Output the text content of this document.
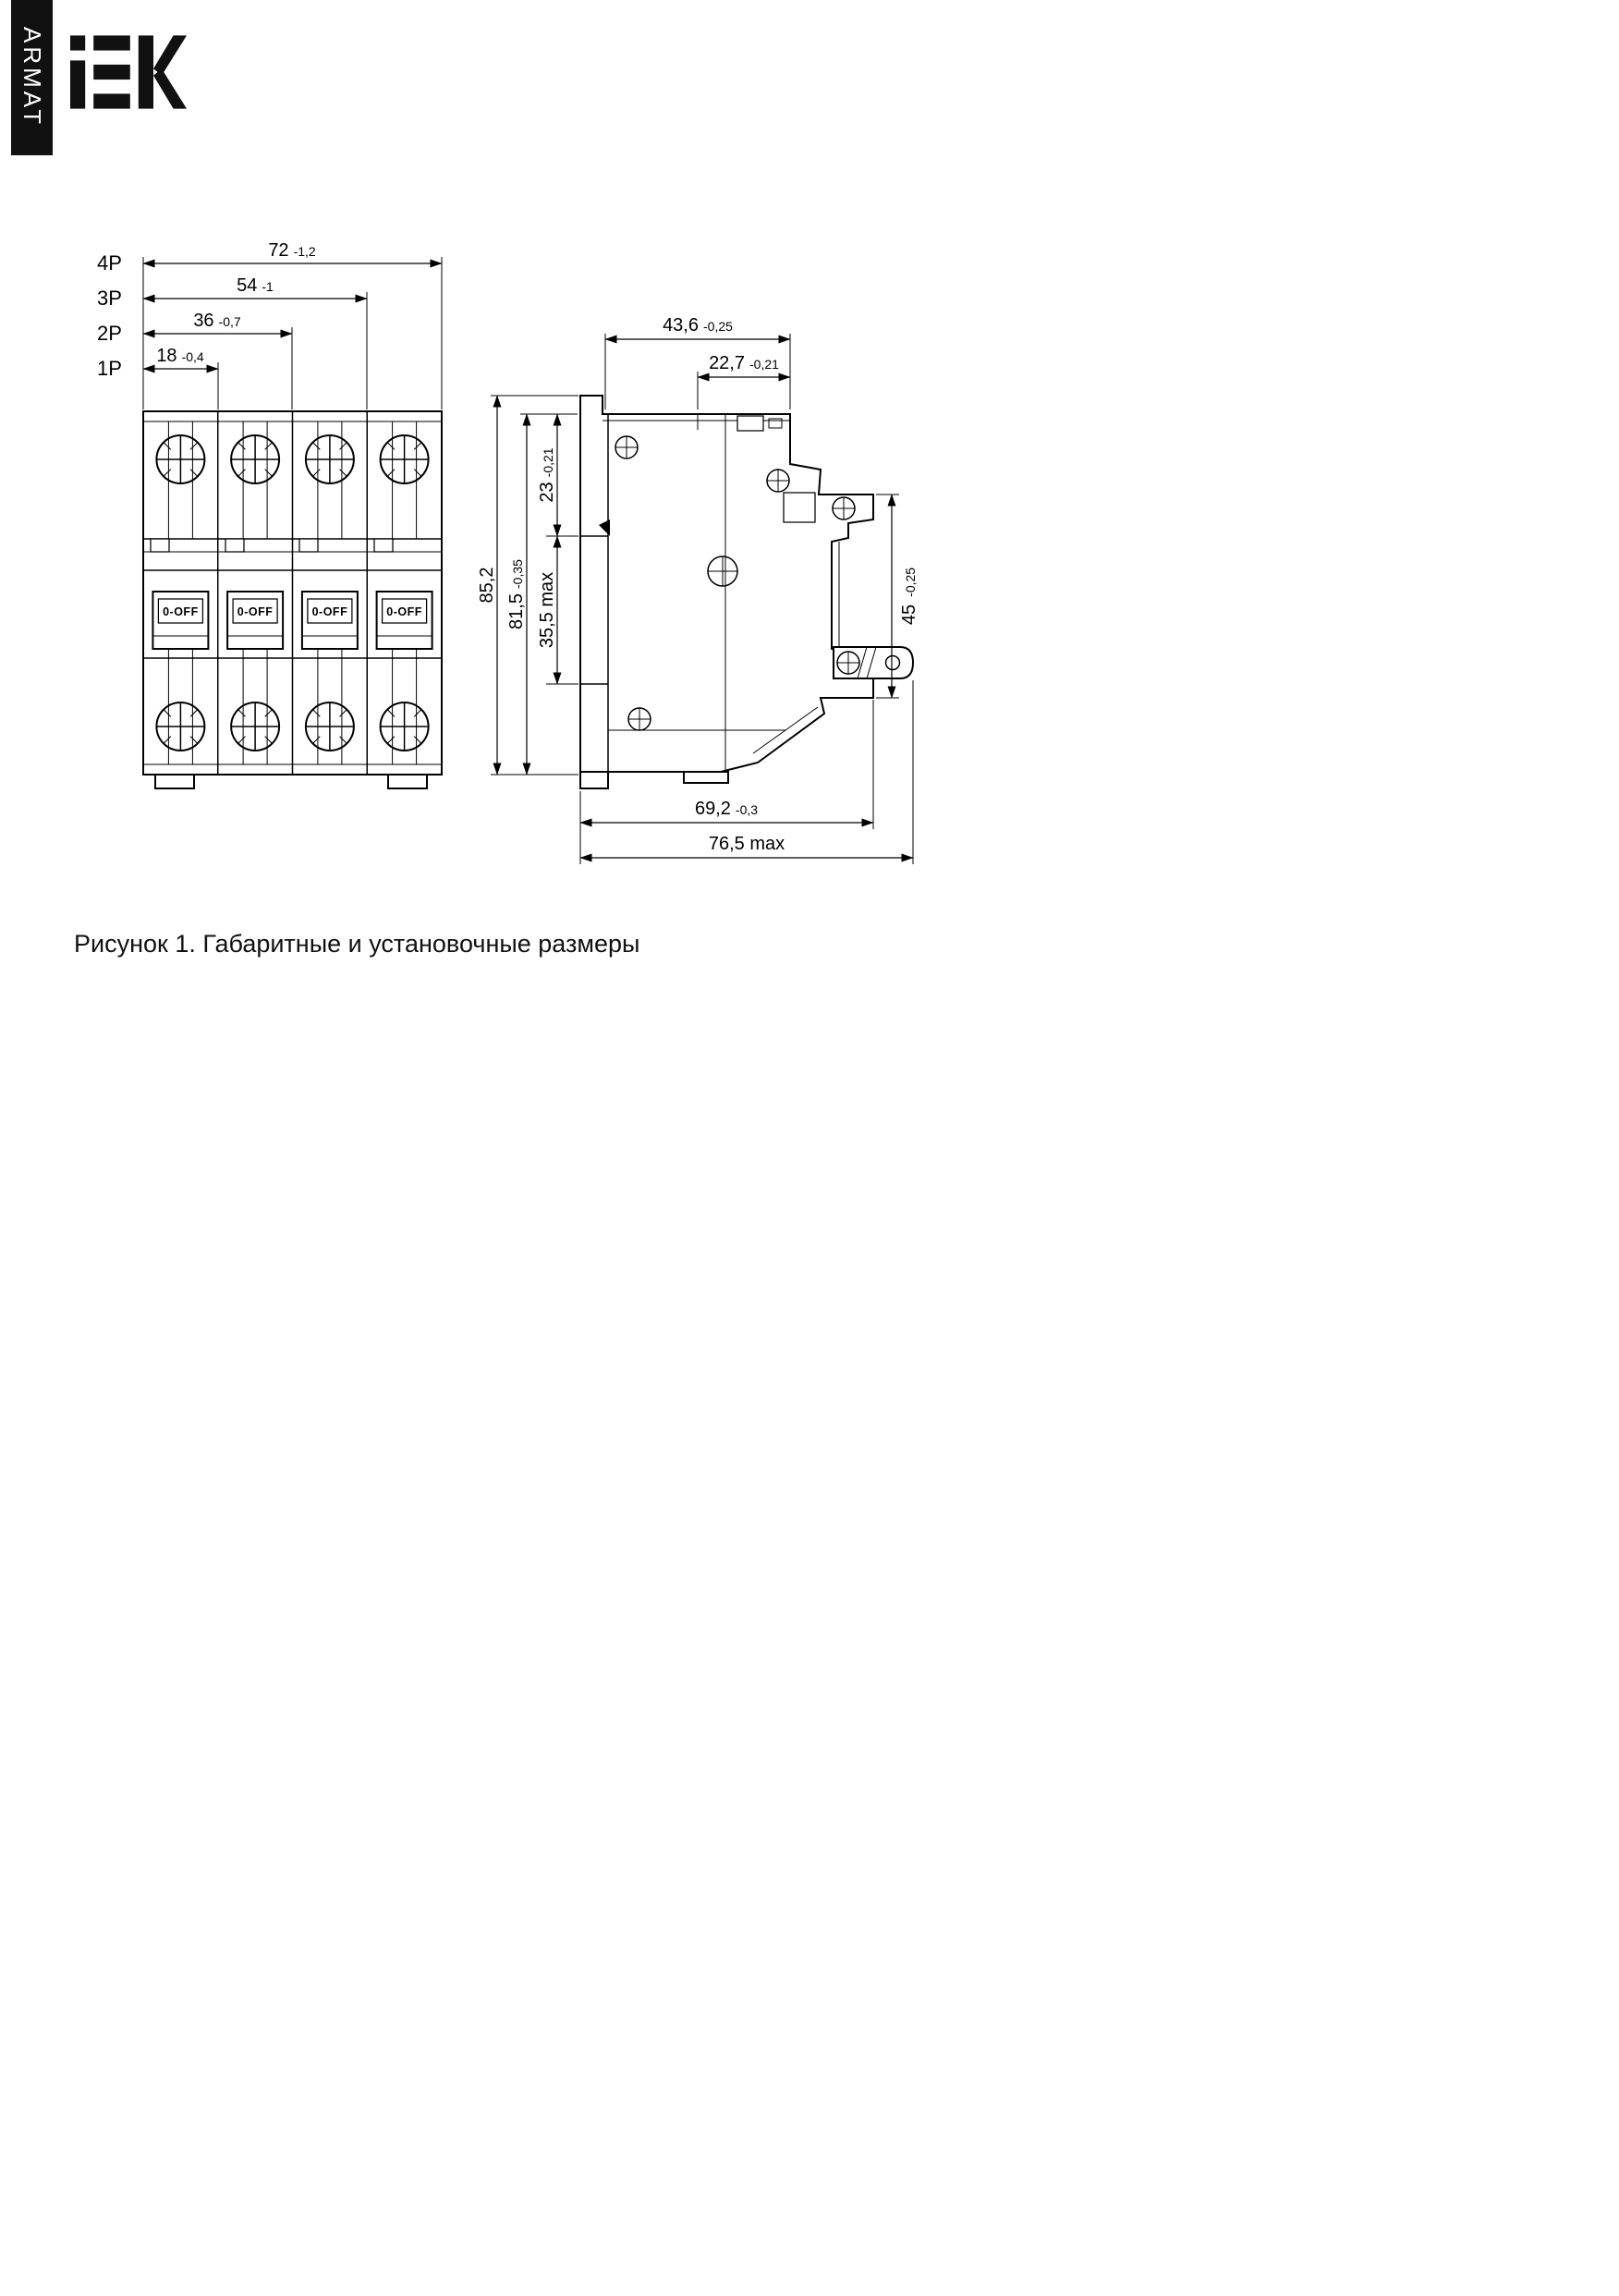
ARMAT
4P
3P
2P
1P
72 -1,2
54 -1
36 -0,7
18 -0,4
0-OFF	0-OFF	0-OFF	0-OFF
43,6 -0,25
22,7 -0,21
23-0,21
35,5 max
81,5-0,35
85,2
45-0,25
69,2 -0,3
76,5 max
Рисунок 1. Габаритные и установочные размеры
